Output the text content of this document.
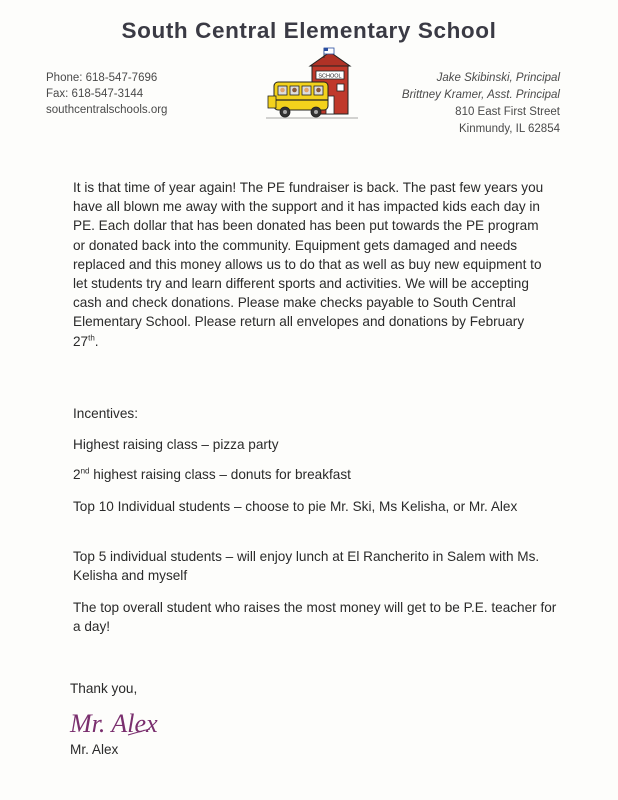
South Central Elementary School
Phone: 618-547-7696
Fax: 618-547-3144
southcentralschools.org
SCHOOL	Jake Skibinski, Principal
Brittney Kramer, Asst. Principal
810 East First Street
Kinmundy, IL 62854

It is that time of year again! The PE fundraiser is back. The past few years you have all blown me away with the support and it has impacted kids each day in PE. Each dollar that has been donated has been put towards the PE program or donated back into the community. Equipment gets damaged and needs replaced and this money allows us to do that as well as buy new equipment to let students try and learn different sports and activities. We will be accepting cash and check donations. Please make checks payable to South Central Elementary School. Please return all envelopes and donations by February 27th.

Incentives:

Highest raising class – pizza party

2nd highest raising class – donuts for breakfast

Top 10 Individual students – choose to pie Mr. Ski, Ms Kelisha, or Mr. Alex

Top 5 individual students – will enjoy lunch at El Rancherito in Salem with Ms. Kelisha and myself

The top overall student who raises the most money will get to be P.E. teacher for a day!

Thank you,
Mr. Alex
Mr. Alex
